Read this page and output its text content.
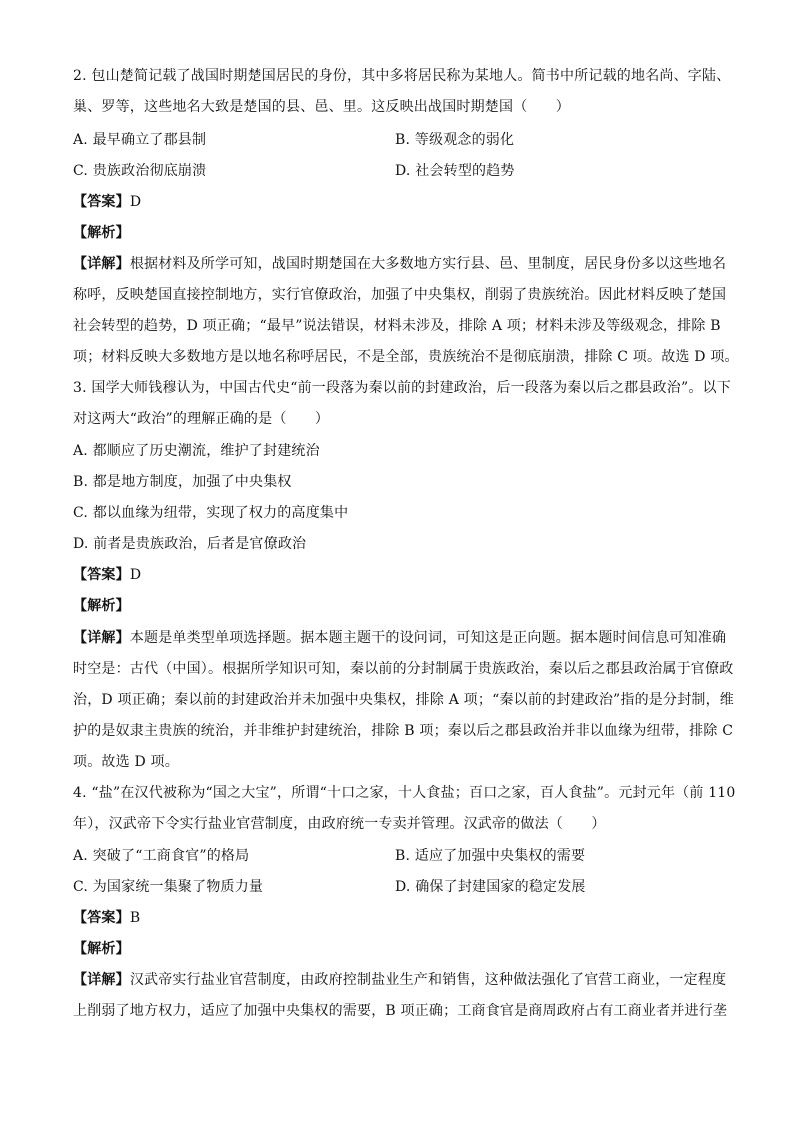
2. 包山楚简记载了战国时期楚国居民的身份，其中多将居民称为某地人。简书中所记载的地名尚、字陆、
巢、罗等，这些地名大致是楚国的县、邑、里。这反映出战国时期楚国（　　）
A. 最早确立了郡县制	B. 等级观念的弱化
C. 贵族政治彻底崩溃	D. 社会转型的趋势
【答案】D
【解析】
【详解】根据材料及所学可知，战国时期楚国在大多数地方实行县、邑、里制度，居民身份多以这些地名
称呼，反映楚国直接控制地方，实行官僚政治，加强了中央集权，削弱了贵族统治。因此材料反映了楚国
社会转型的趋势，D 项正确；“最早”说法错误，材料未涉及，排除 A 项；材料未涉及等级观念，排除 B
项；材料反映大多数地方是以地名称呼居民，不是全部，贵族统治不是彻底崩溃，排除 C 项。故选 D 项。
3. 国学大师钱穆认为，中国古代史“前一段落为秦以前的封建政治，后一段落为秦以后之郡县政治”。以下
对这两大“政治”的理解正确的是（　　）
A. 都顺应了历史潮流，维护了封建统治
B. 都是地方制度，加强了中央集权
C. 都以血缘为纽带，实现了权力的高度集中
D. 前者是贵族政治，后者是官僚政治
【答案】D
【解析】
【详解】本题是单类型单项选择题。据本题主题干的设问词，可知这是正向题。据本题时间信息可知准确
时空是：古代（中国）。根据所学知识可知，秦以前的分封制属于贵族政治，秦以后之郡县政治属于官僚政
治，D 项正确；秦以前的封建政治并未加强中央集权，排除 A 项；“秦以前的封建政治”指的是分封制，维
护的是奴隶主贵族的统治，并非维护封建统治，排除 B 项；秦以后之郡县政治并非以血缘为纽带，排除 C
项。故选 D 项。
4. “盐”在汉代被称为“国之大宝”，所谓“十口之家，十人食盐；百口之家，百人食盐”。元封元年（前 110
年），汉武帝下令实行盐业官营制度，由政府统一专卖并管理。汉武帝的做法（　　）
A. 突破了“工商食官”的格局	B. 适应了加强中央集权的需要
C. 为国家统一集聚了物质力量	D. 确保了封建国家的稳定发展
【答案】B
【解析】
【详解】汉武帝实行盐业官营制度，由政府控制盐业生产和销售，这种做法强化了官营工商业，一定程度
上削弱了地方权力，适应了加强中央集权的需要，B 项正确；工商食官是商周政府占有工商业者并进行垄
